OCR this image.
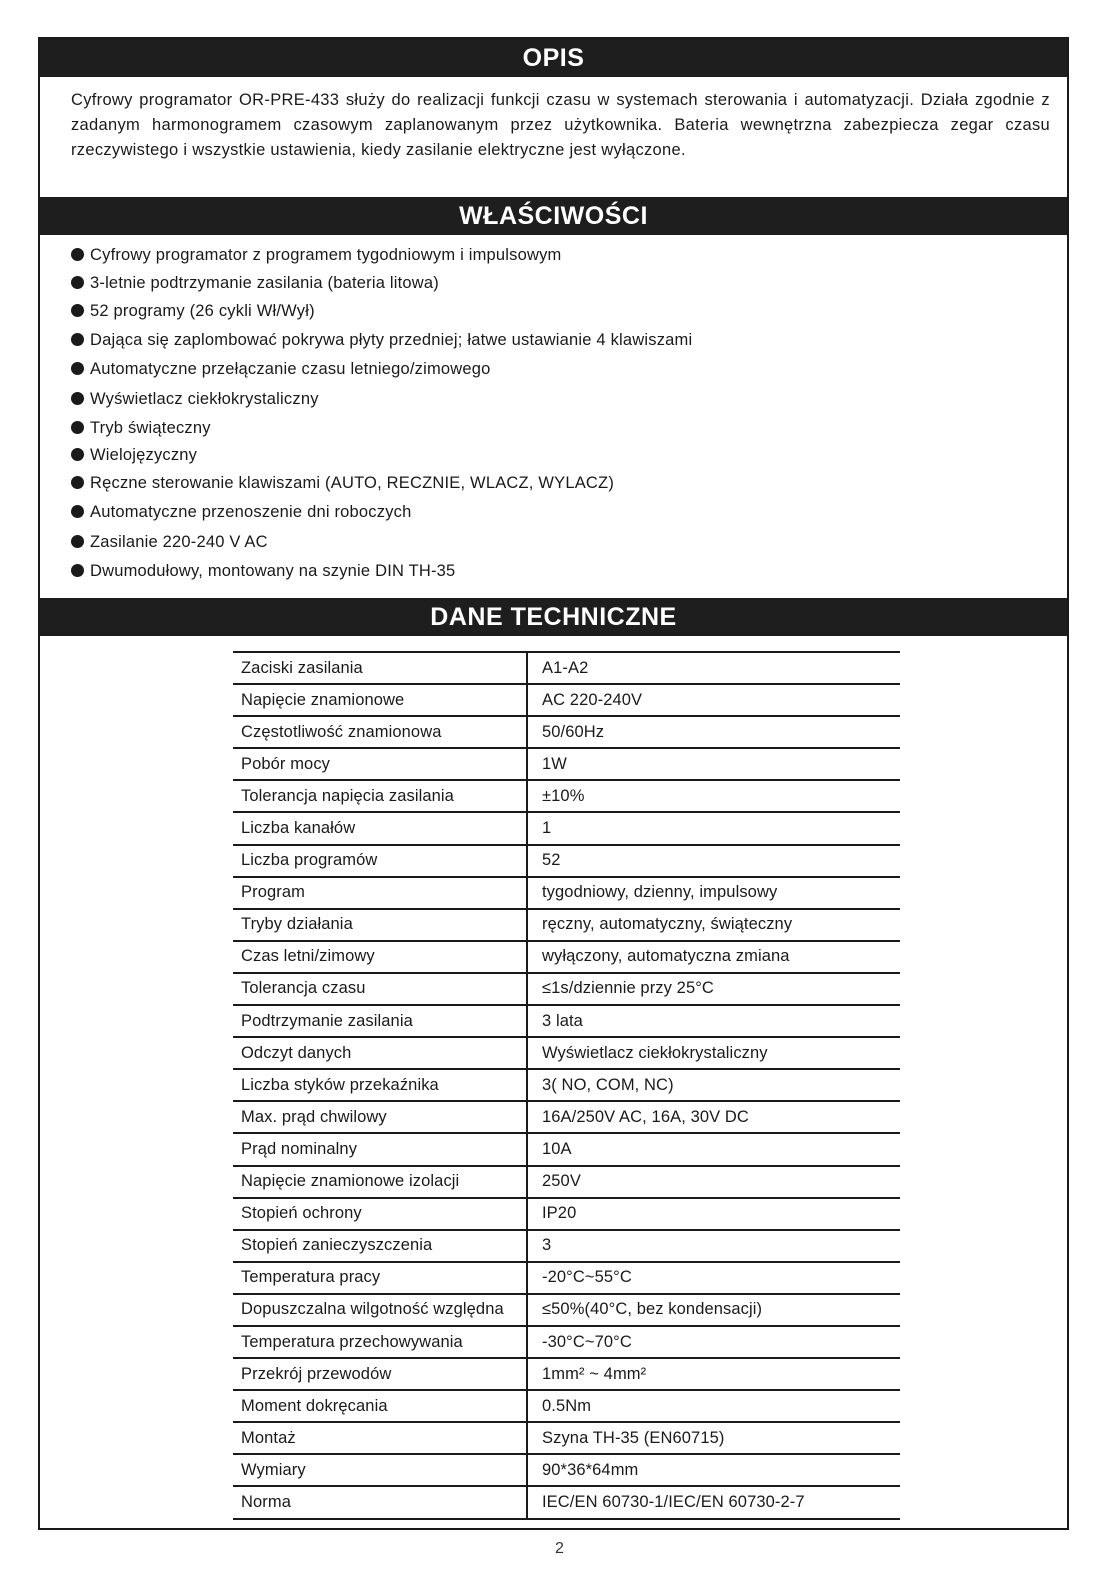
OPIS
Cyfrowy programator OR-PRE-433 służy do realizacji funkcji czasu w systemach sterowania i automatyzacji. Działa zgodnie z zadanym harmonogramem czasowym zaplanowanym przez użytkownika. Bateria wewnętrzna zabezpiecza zegar czasu rzeczywistego i wszystkie ustawienia, kiedy zasilanie elektryczne jest wyłączone.
WŁAŚCIWOŚCI
Cyfrowy programator z programem tygodniowym i impulsowym
3-letnie podtrzymanie zasilania (bateria litowa)
52 programy (26 cykli Wł/Wył)
Dająca się zaplombować pokrywa płyty przedniej; łatwe ustawianie 4 klawiszami
Automatyczne przełączanie czasu letniego/zimowego
Wyświetlacz ciekłokrystaliczny
Tryb świąteczny
Wielojęzyczny
Ręczne sterowanie klawiszami (AUTO, RECZNIE, WLACZ, WYLACZ)
Automatyczne przenoszenie dni roboczych
Zasilanie 220-240 V AC
Dwumodułowy, montowany na szynie DIN TH-35
DANE TECHNICZNE
Zaciski zasilania	A1-A2
Napięcie znamionowe	AC 220-240V
Częstotliwość znamionowa	50/60Hz
Pobór mocy	1W
Tolerancja napięcia zasilania	±10%
Liczba kanałów	1
Liczba programów	52
Program	tygodniowy, dzienny, impulsowy
Tryby działania	ręczny, automatyczny, świąteczny
Czas letni/zimowy	wyłączony, automatyczna zmiana
Tolerancja czasu	≤1s/dziennie przy 25°C
Podtrzymanie zasilania	3 lata
Odczyt danych	Wyświetlacz ciekłokrystaliczny
Liczba styków przekaźnika	3( NO, COM, NC)
Max. prąd chwilowy	16A/250V AC, 16A, 30V DC
Prąd nominalny	10A
Napięcie znamionowe izolacji	250V
Stopień ochrony	IP20
Stopień zanieczyszczenia	3
Temperatura pracy	-20°C~55°C
Dopuszczalna wilgotność względna	≤50%(40°C, bez kondensacji)
Temperatura przechowywania	-30°C~70°C
Przekrój przewodów	1mm² ~ 4mm²
Moment dokręcania	0.5Nm
Montaż	Szyna TH-35 (EN60715)
Wymiary	90*36*64mm
Norma	IEC/EN 60730-1/IEC/EN 60730-2-7
2
